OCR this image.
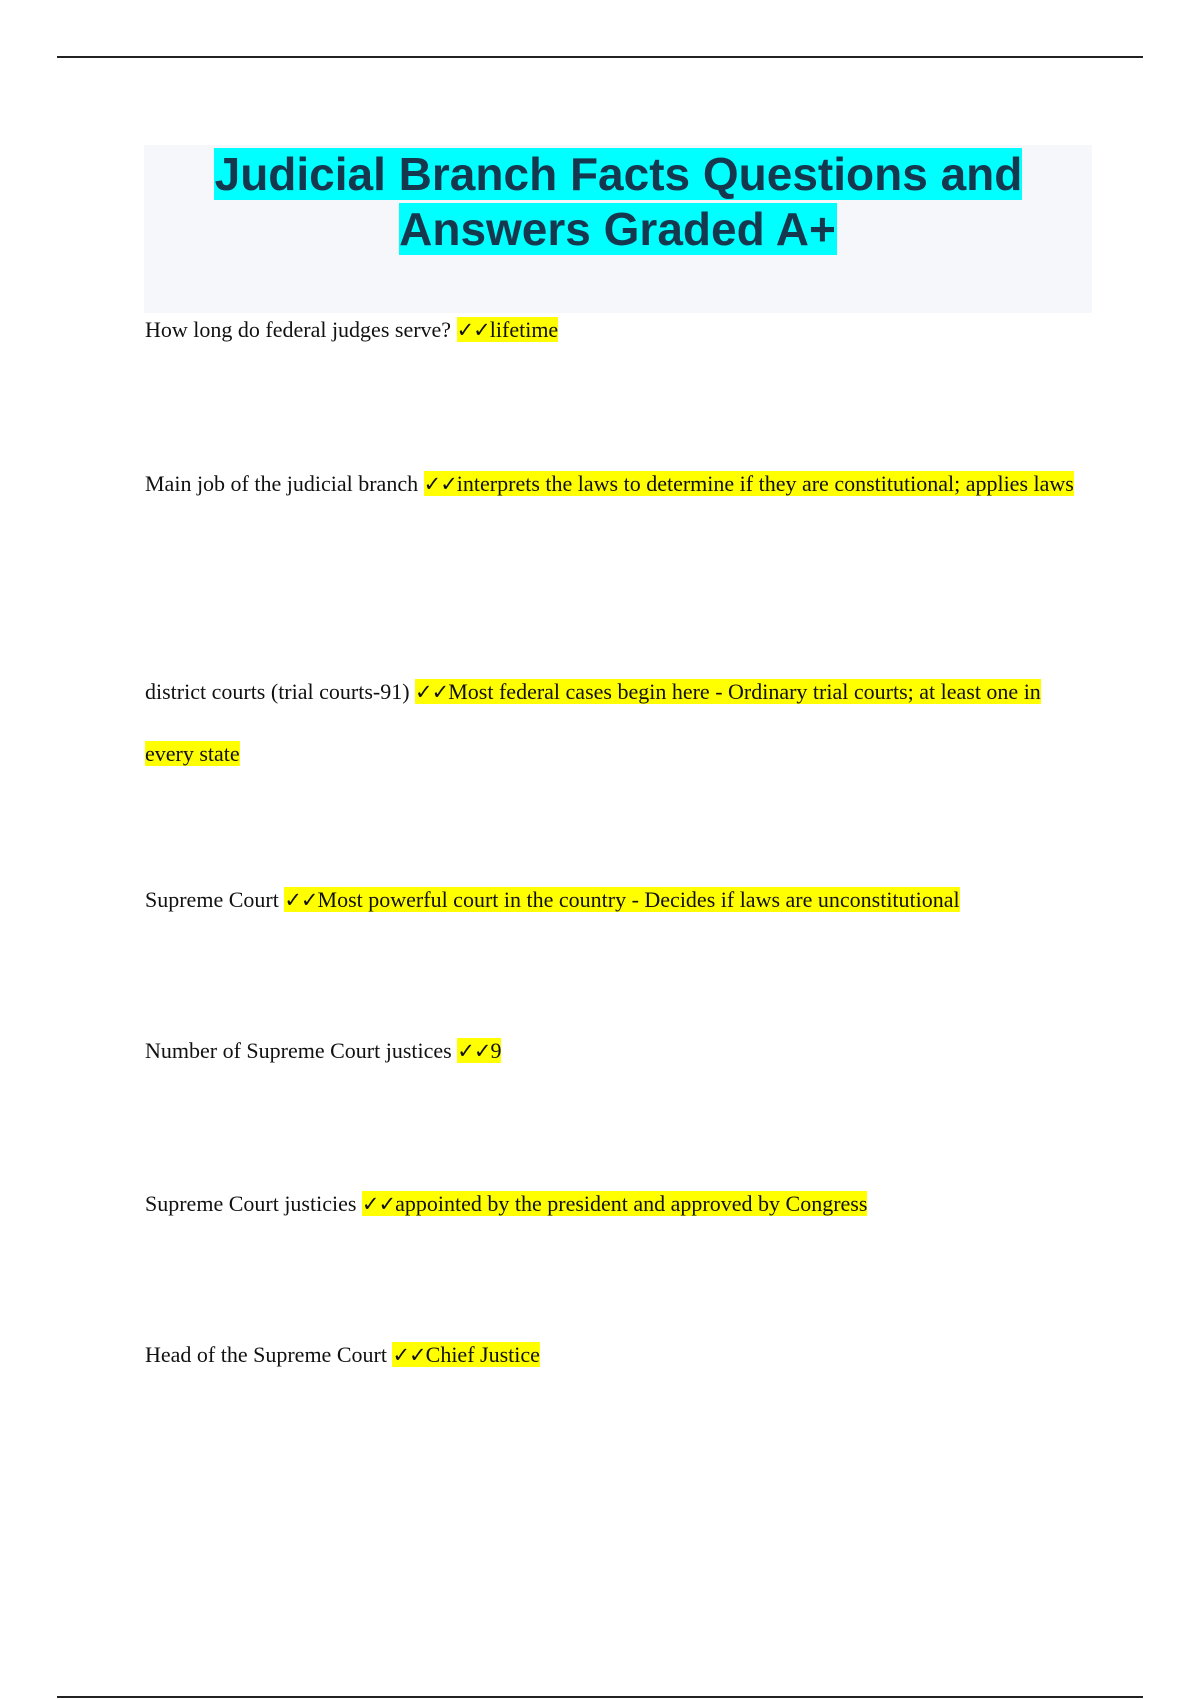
Judicial Branch Facts Questions and Answers Graded A+

How long do federal judges serve? ✓✓lifetime

Main job of the judicial branch ✓✓interprets the laws to determine if they are constitutional; applies laws

district courts (trial courts-91) ✓✓Most federal cases begin here - Ordinary trial courts; at least one in every state

Supreme Court ✓✓Most powerful court in the country - Decides if laws are unconstitutional

Number of Supreme Court justices ✓✓9

Supreme Court justicies ✓✓appointed by the president and approved by Congress

Head of the Supreme Court ✓✓Chief Justice
